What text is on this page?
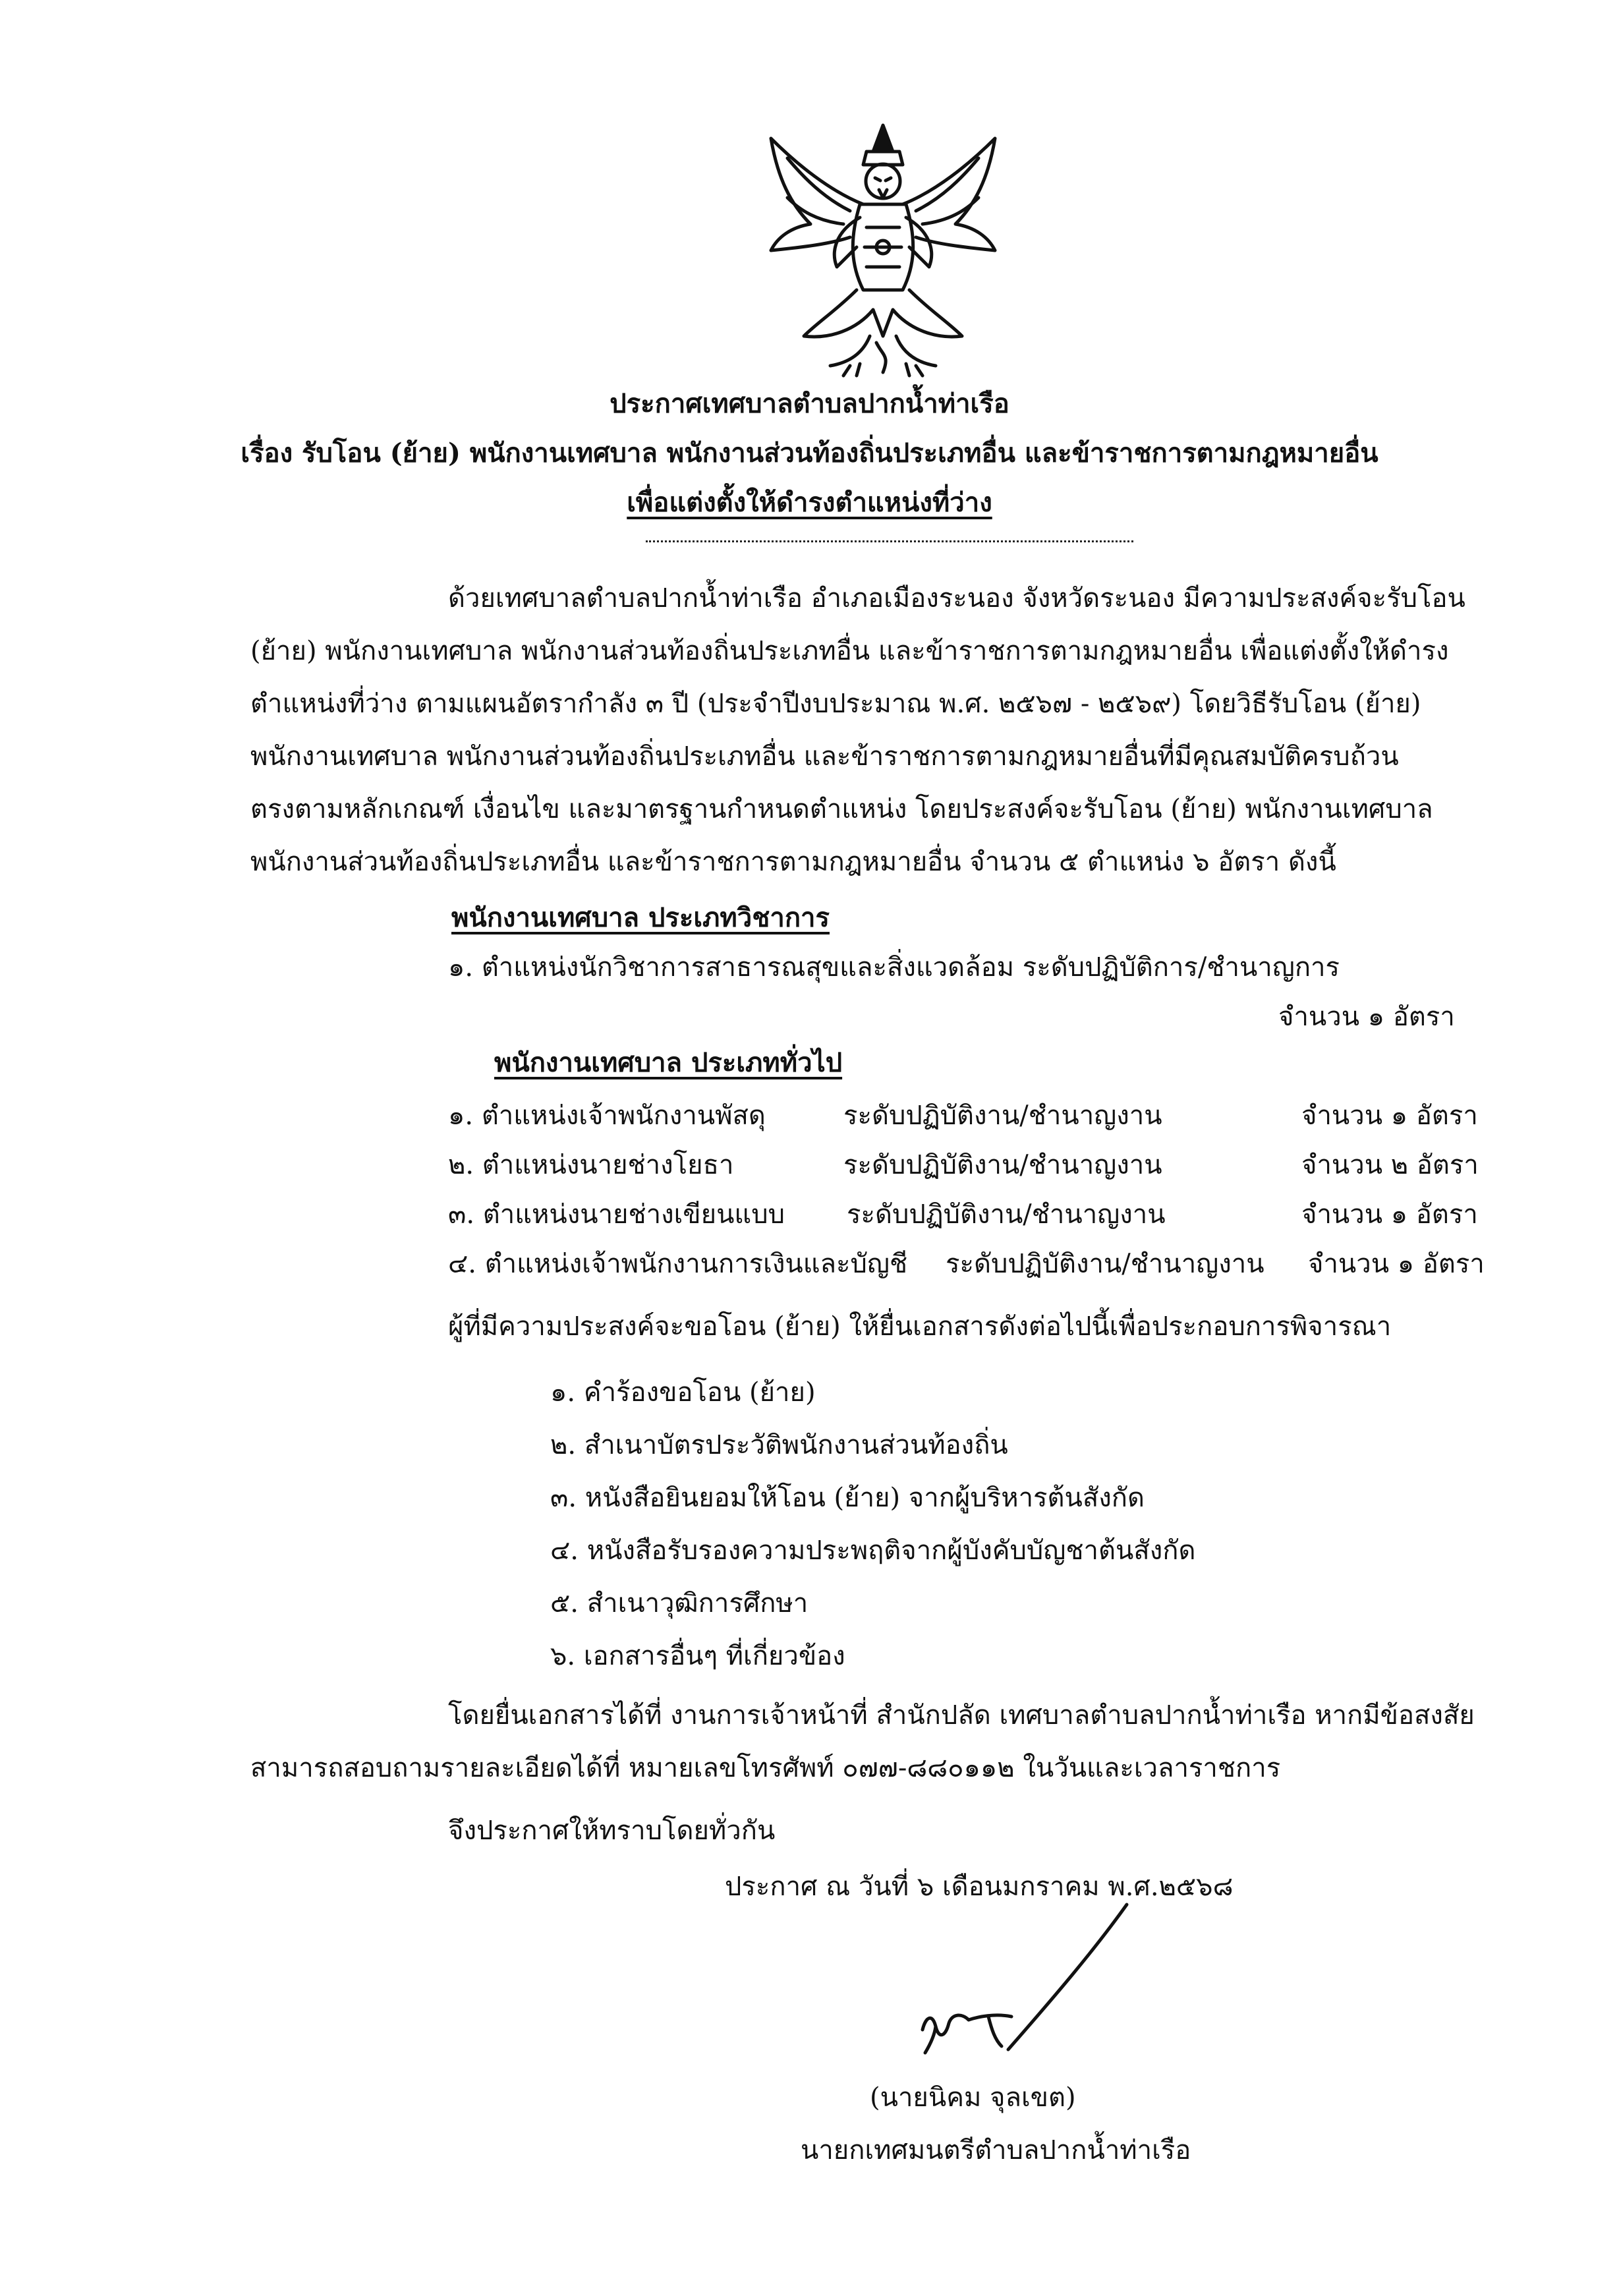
ประกาศเทศบาลตำบลปากน้ำท่าเรือ
เรื่อง รับโอน (ย้าย) พนักงานเทศบาล พนักงานส่วนท้องถิ่นประเภทอื่น และข้าราชการตามกฎหมายอื่น
เพื่อแต่งตั้งให้ดำรงตำแหน่งที่ว่าง
ด้วยเทศบาลตำบลปากน้ำท่าเรือ อำเภอเมืองระนอง จังหวัดระนอง มีความประสงค์จะรับโอน
(ย้าย) พนักงานเทศบาล พนักงานส่วนท้องถิ่นประเภทอื่น และข้าราชการตามกฎหมายอื่น เพื่อแต่งตั้งให้ดำรง
ตำแหน่งที่ว่าง ตามแผนอัตรากำลัง ๓ ปี (ประจำปีงบประมาณ พ.ศ. ๒๕๖๗ - ๒๕๖๙) โดยวิธีรับโอน (ย้าย)
พนักงานเทศบาล พนักงานส่วนท้องถิ่นประเภทอื่น และข้าราชการตามกฎหมายอื่นที่มีคุณสมบัติครบถ้วน
ตรงตามหลักเกณฑ์ เงื่อนไข และมาตรฐานกำหนดตำแหน่ง โดยประสงค์จะรับโอน (ย้าย) พนักงานเทศบาล
พนักงานส่วนท้องถิ่นประเภทอื่น และข้าราชการตามกฎหมายอื่น จำนวน ๕ ตำแหน่ง ๖ อัตรา ดังนี้
พนักงานเทศบาล ประเภทวิชาการ
๑. ตำแหน่งนักวิชาการสาธารณสุขและสิ่งแวดล้อม ระดับปฏิบัติการ/ชำนาญการ
จำนวน ๑ อัตรา
พนักงานเทศบาล ประเภททั่วไป
๑. ตำแหน่งเจ้าพนักงานพัสดุ	ระดับปฏิบัติงาน/ชำนาญงาน	จำนวน ๑ อัตรา
๒. ตำแหน่งนายช่างโยธา	ระดับปฏิบัติงาน/ชำนาญงาน	จำนวน ๒ อัตรา
๓. ตำแหน่งนายช่างเขียนแบบ ระดับปฏิบัติงาน/ชำนาญงาน	จำนวน ๑ อัตรา
๔. ตำแหน่งเจ้าพนักงานการเงินและบัญชี ระดับปฏิบัติงาน/ชำนาญงาน จำนวน ๑ อัตรา
ผู้ที่มีความประสงค์จะขอโอน (ย้าย) ให้ยื่นเอกสารดังต่อไปนี้เพื่อประกอบการพิจารณา
๑. คำร้องขอโอน (ย้าย)
๒. สำเนาบัตรประวัติพนักงานส่วนท้องถิ่น
๓. หนังสือยินยอมให้โอน (ย้าย) จากผู้บริหารต้นสังกัด
๔. หนังสือรับรองความประพฤติจากผู้บังคับบัญชาต้นสังกัด
๕. สำเนาวุฒิการศึกษา
๖. เอกสารอื่นๆ ที่เกี่ยวข้อง
โดยยื่นเอกสารได้ที่ งานการเจ้าหน้าที่ สำนักปลัด เทศบาลตำบลปากน้ำท่าเรือ หากมีข้อสงสัย
สามารถสอบถามรายละเอียดได้ที่ หมายเลขโทรศัพท์ ๐๗๗-๘๘๐๑๑๒ ในวันและเวลาราชการ
จึงประกาศให้ทราบโดยทั่วกัน
ประกาศ ณ วันที่ ๖ เดือนมกราคม พ.ศ.๒๕๖๘
(นายนิคม จุลเขต)
นายกเทศมนตรีตำบลปากน้ำท่าเรือ
